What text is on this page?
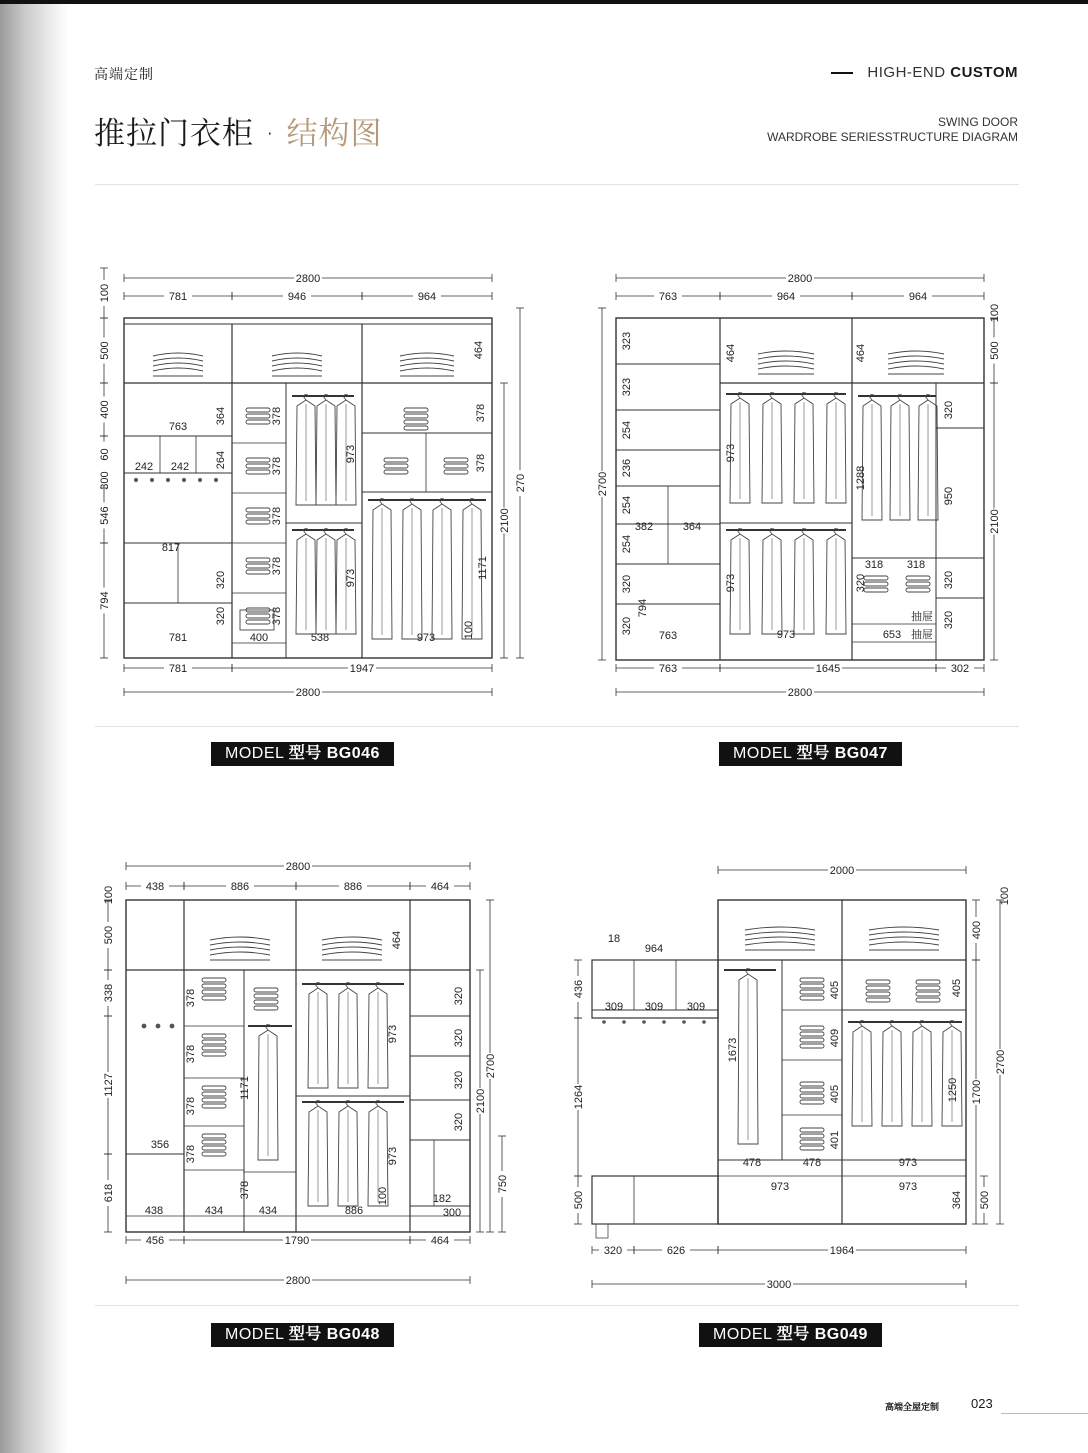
高端定制
推拉门衣柜 · 结构图
HIGH-END CUSTOM
SWING DOOR
WARDROBE SERIESSTRUCTURE DIAGRAM
2800
781	946	964
464
763
242 242
817
364
264
378
378
378
378
378
400
973
973
538
378
378
1171
100
973
320
320
781
781	1947
2800
100
500
400
60
300
546
794
2100
270
2800
763	964	964
323
323
254
236
254
254
320
320
382	364
794
763
464	464
973
973
973
1288
320
950
318 318
320	320
320
653
抽屉
抽屉
763	1645	302
2800
2700
100
500
2100
2800
438	886	886	464
464
356
378
378
378
378
1171
378
973
973
100
320
320
320
320
182
300
438	434	434	886
456	1790	464
2800
100
500
338
1127
618
2700
2100
750
2000
1673
405
409
405
401
478	478
405
1250
973
973	973
364
18
964
309 309 309
320	626	1964
3000
436
1264
500
100
400
1700
2700
500
MODEL 型号 BG046	MODEL 型号 BG047
MODEL 型号 BG048	MODEL 型号 BG049
高端全屋定制 023
